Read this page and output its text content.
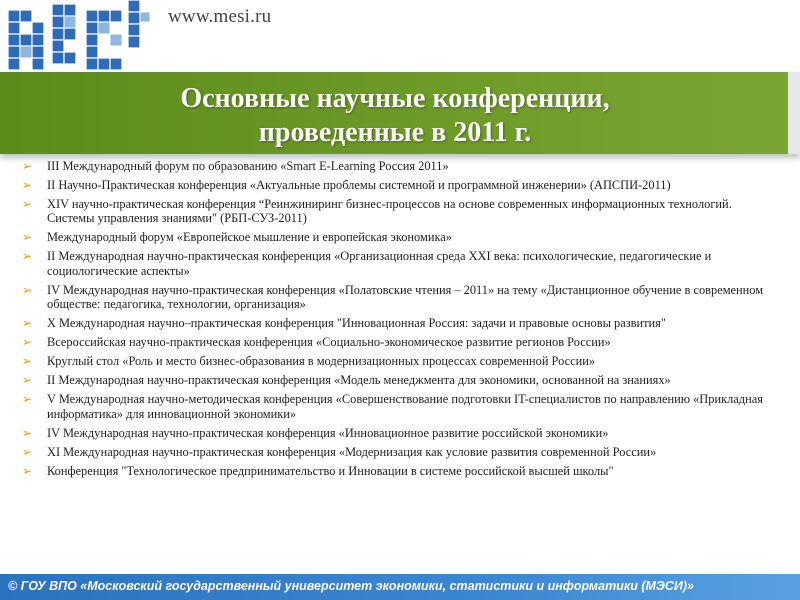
www.mesi.ru
Основные научные конференции,
проведенные в 2011 г.
➢ III Международный форум по образованию «Smart E-Learning Россия 2011»
➢ II Научно-Практическая конференция «Актуальные проблемы системной и программной инженерии» (АПСПИ-2011)
➢ XIV научно-практическая конференция “Реинжиниринг бизнес-процессов на основе современных информационных технологий. Системы управления знаниями" (РБП-СУЗ-2011)
➢ Международный форум «Европейское мышление и европейская экономика»
➢ II Международная научно-практическая конференция «Организационная среда XXI века: психологические, педагогические и социологические аспекты»
➢ IV Международная научно-практическая конференция «Полатовские чтения – 2011» на тему «Дистанционное обучение в современном обществе: педагогика, технологии, организация»
➢ X Международная научно–практическая конференция "Инновационная Россия: задачи и правовые основы развития"
➢ Всероссийская научно-практическая конференция «Социально-экономическое развитие регионов России»
➢ Круглый стол «Роль и место бизнес-образования в модернизационных процессах современной России»
➢ II Международная научно-практическая конференция «Модель менеджмента для экономики, основанной на знаниях»
➢ V Международная научно-методическая конференция «Совершенствование подготовки IT-специалистов по направлению «Прикладная информатика» для инновационной экономики»
➢ IV Международная научно-практическая конференция «Инновационное развитие российской экономики»
➢ XI Международная научно-практическая конференция «Модернизация как условие развития современной России»
➢ Конференция "Технологическое предпринимательство и Инновации в системе российской высшей школы"
© ГОУ ВПО «Московский государственный университет экономики, статистики и информатики (МЭСИ)»
